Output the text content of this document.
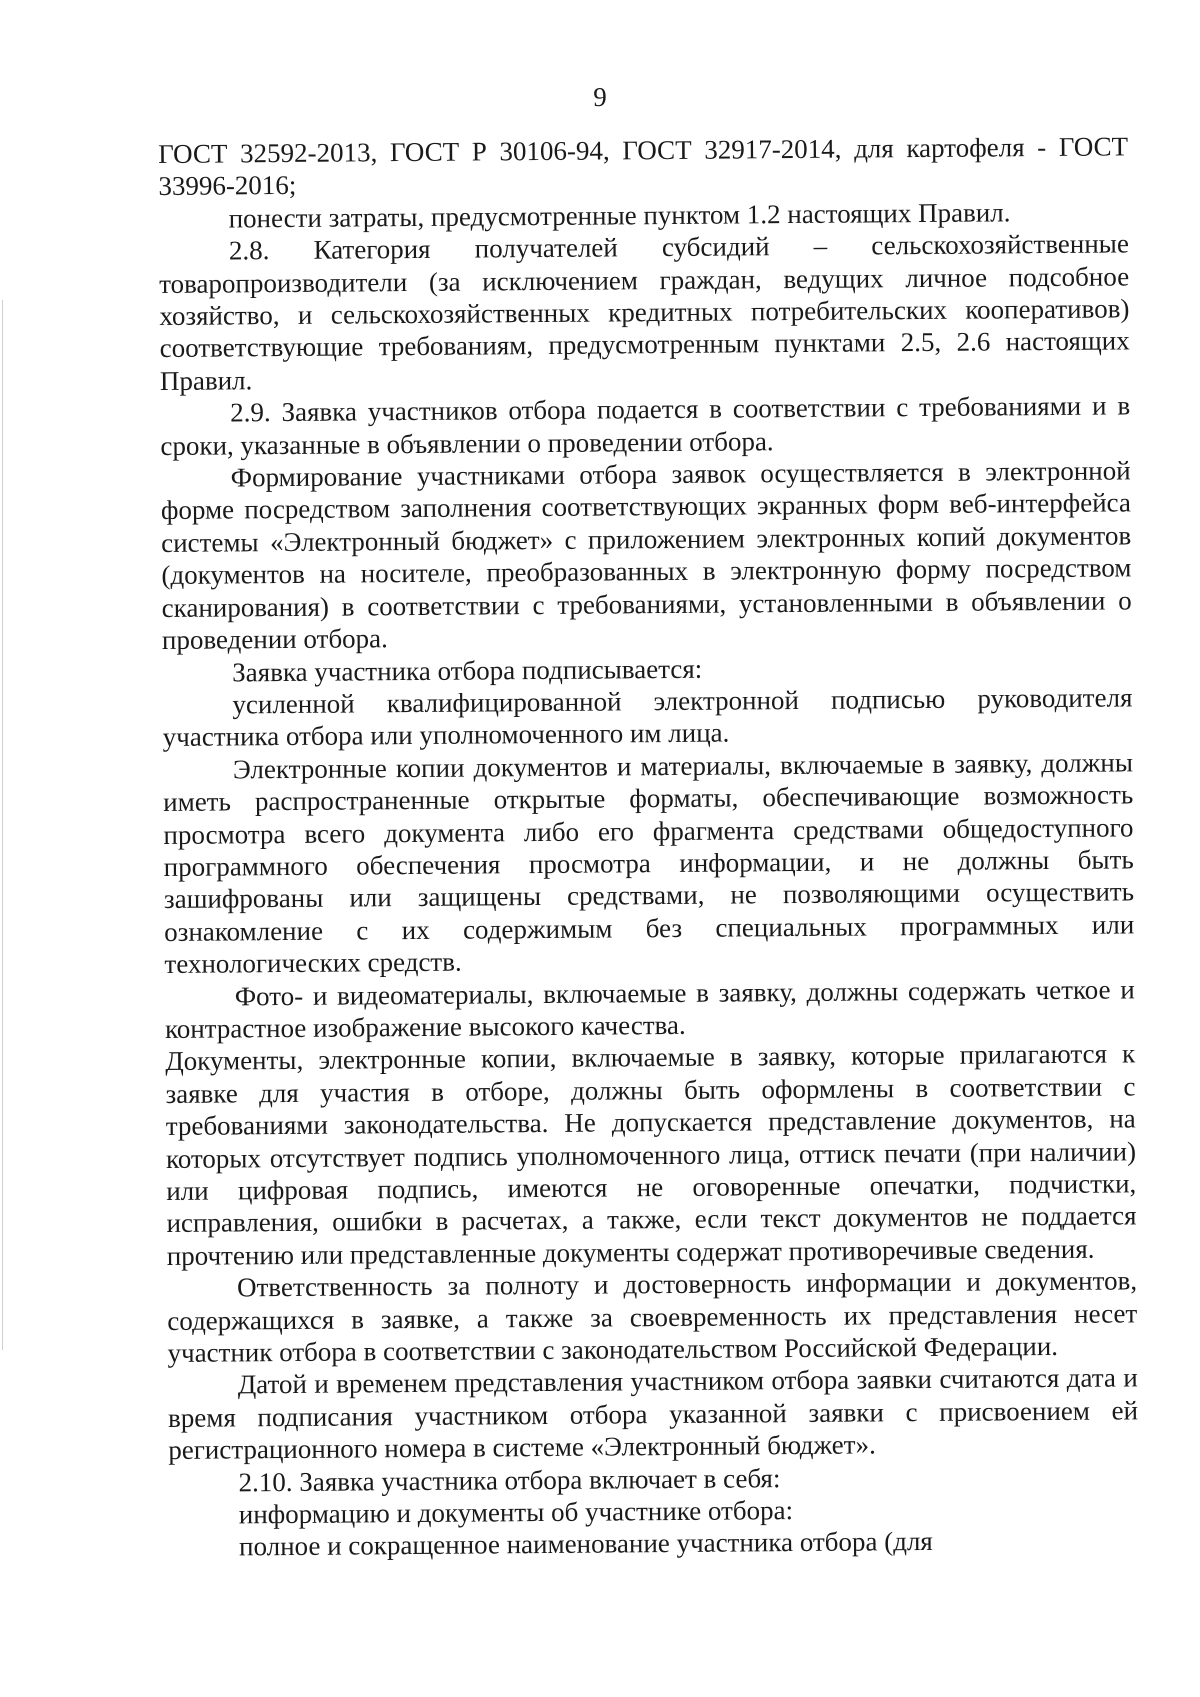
9

ГОСТ 32592-2013, ГОСТ Р 30106-94, ГОСТ 32917-2014, для картофеля - ГОСТ 33996-2016;

понести затраты, предусмотренные пунктом 1.2 настоящих Правил.

2.8. Категория получателей субсидий – сельскохозяйственные товаропроизводители (за исключением граждан, ведущих личное подсобное хозяйство, и сельскохозяйственных кредитных потребительских кооперативов) соответствующие требованиям, предусмотренным пунктами 2.5, 2.6 настоящих Правил.

2.9. Заявка участников отбора подается в соответствии с требованиями и в сроки, указанные в объявлении о проведении отбора.

Формирование участниками отбора заявок осуществляется в электронной форме посредством заполнения соответствующих экранных форм веб-интерфейса системы «Электронный бюджет» с приложением электронных копий документов (документов на носителе, преобразованных в электронную форму посредством сканирования) в соответствии с требованиями, установленными в объявлении о проведении отбора.

Заявка участника отбора подписывается:

усиленной квалифицированной электронной подписью руководителя участника отбора или уполномоченного им лица.

Электронные копии документов и материалы, включаемые в заявку, должны иметь распространенные открытые форматы, обеспечивающие возможность просмотра всего документа либо его фрагмента средствами общедоступного программного обеспечения просмотра информации, и не должны быть зашифрованы или защищены средствами, не позволяющими осуществить ознакомление с их содержимым без специальных программных или технологических средств.

Фото- и видеоматериалы, включаемые в заявку, должны содержать четкое и контрастное изображение высокого качества.

Документы, электронные копии, включаемые в заявку, которые прилагаются к заявке для участия в отборе, должны быть оформлены в соответствии с требованиями законодательства. Не допускается представление документов, на которых отсутствует подпись уполномоченного лица, оттиск печати (при наличии) или цифровая подпись, имеются не оговоренные опечатки, подчистки, исправления, ошибки в расчетах, а также, если текст документов не поддается прочтению или представленные документы содержат противоречивые сведения.

Ответственность за полноту и достоверность информации и документов, содержащихся в заявке, а также за своевременность их представления несет участник отбора в соответствии с законодательством Российской Федерации.

Датой и временем представления участником отбора заявки считаются дата и время подписания участником отбора указанной заявки с присвоением ей регистрационного номера в системе «Электронный бюджет».

2.10. Заявка участника отбора включает в себя:

информацию и документы об участнике отбора:

полное и сокращенное наименование участника отбора (для
